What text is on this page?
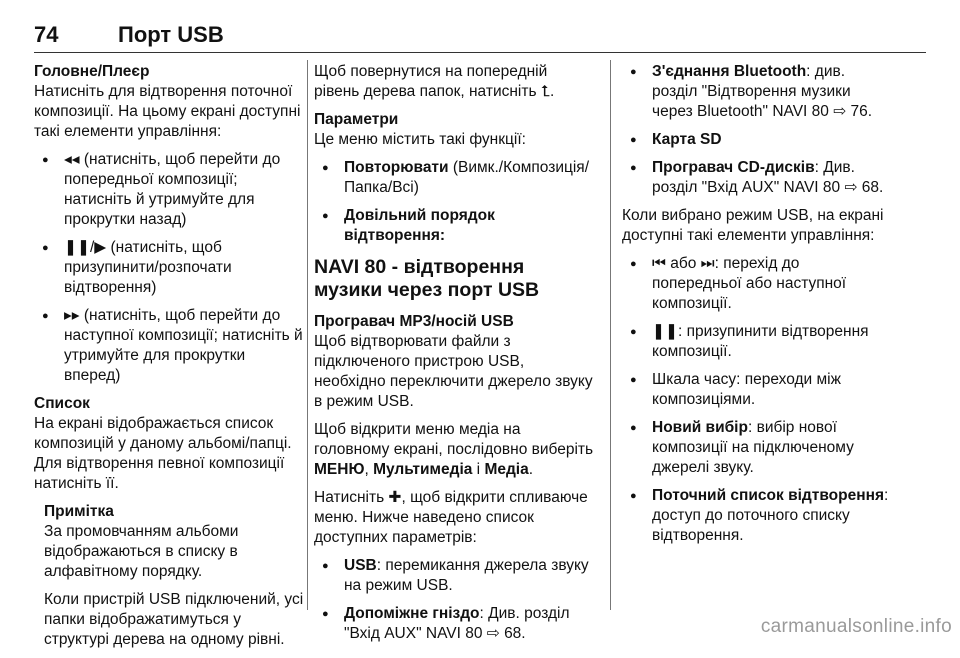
74	Порт USB
Головне/Плеєр

Натисніть для відтворення поточної композиції. На цьому екрані доступні такі елементи управління:

● ◂◂ (натисніть, щоб перейти до попередньої композиції; натисніть й утримуйте для прокрутки назад)
● ❚❚/▶ (натисніть, щоб призупинити/розпочати відтворення)
● ▸▸ (натисніть, щоб перейти до наступної композиції; натисніть й утримуйте для прокрутки вперед)
Список

На екрані відображається список композицій у даному альбомі/папці. Для відтворення певної композиції натисніть її.

Примітка

За промовчанням альбоми відображаються в списку в алфавітному порядку.

Коли пристрій USB підключений, усі папки відображатимуться у структурі дерева на одному рівні.

Щоб повернутися на попередній рівень дерева папок, натисніть ⮤.

Параметри

Це меню містить такі функції:

● Повторювати (Вимк./Композиція/Папка/Всі)
● Довільний порядок відтворення:
NAVI 80 - відтворення музики через порт USB
Програвач MP3/носій USB

Щоб відтворювати файли з підключеного пристрою USB, необхідно переключити джерело звуку в режим USB.

Щоб відкрити меню медіа на головному екрані, послідовно виберіть МЕНЮ, Мультимедіа і Медіа.

Натисніть ✚, щоб відкрити спливаюче меню. Нижче наведено список доступних параметрів:

● USB: перемикання джерела звуку на режим USB.
● Допоміжне гніздо: Див. розділ "Вхід AUX" NAVI 80 ⇨ 68.
● З'єднання Bluetooth: див. розділ "Відтворення музики через Bluetooth" NAVI 80 ⇨ 76.
● Карта SD
● Програвач CD-дисків: Див. розділ "Вхід AUX" NAVI 80 ⇨ 68.

Коли вибрано режим USB, на екрані доступні такі елементи управління:

● ⏮ або ⏭: перехід до попередньої або наступної композиції.
● ❚❚: призупинити відтворення композиції.
● Шкала часу: переходи між композиціями.
● Новий вибір: вибір нової композиції на підключеному джерелі звуку.
● Поточний список відтворення: доступ до поточного списку відтворення.
carmanualsonline.info
